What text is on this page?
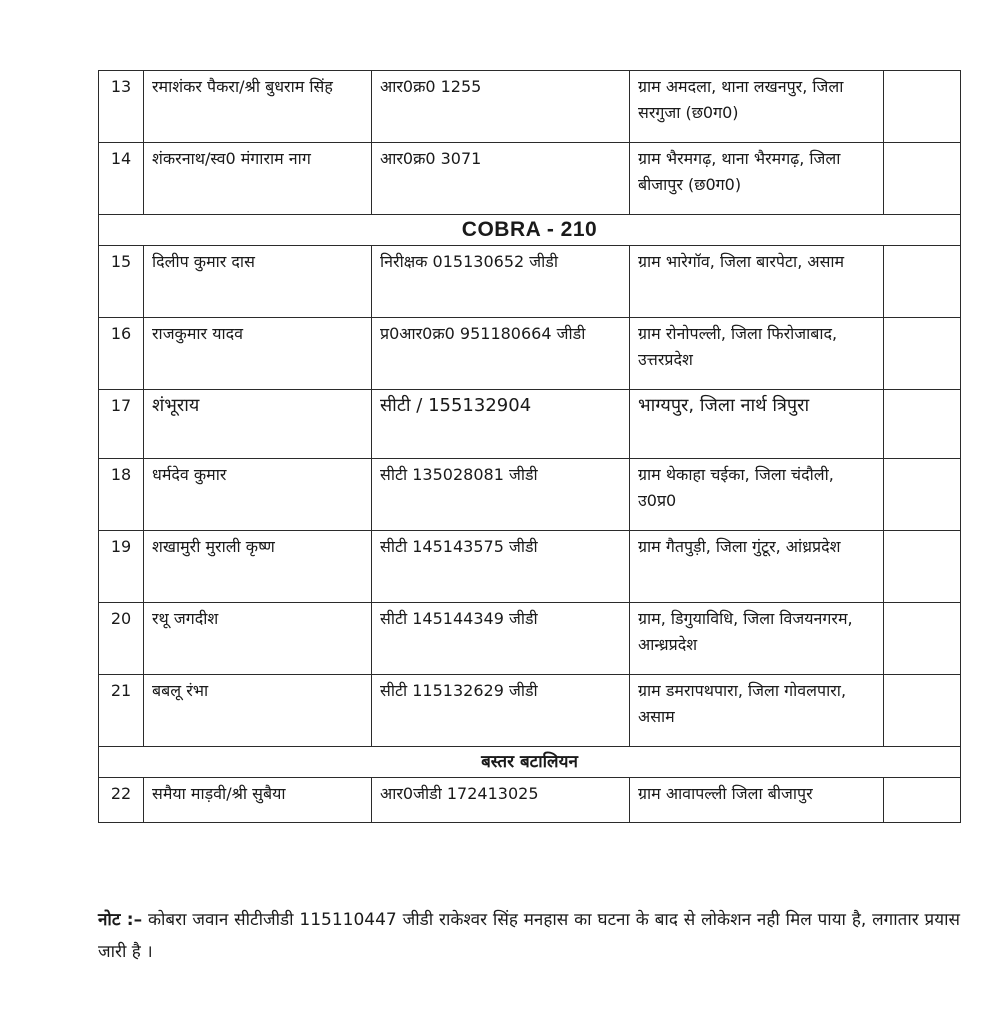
13	रमाशंकर पैकरा/श्री बुधराम सिंह	आर0क्र0 1255	ग्राम अमदला, थाना लखनपुर, जिला सरगुजा (छ0ग0)	
14	शंकरनाथ/स्व0 मंगाराम नाग	आर0क्र0 3071	ग्राम भैरमगढ़, थाना भैरमगढ़, जिला बीजापुर (छ0ग0)	
COBRA - 210				
15	दिलीप कुमार दास	निरीक्षक 015130652 जीडी	ग्राम भारेगॉव, जिला बारपेटा, असाम	
16	राजकुमार यादव	प्र0आर0क्र0 951180664 जीडी	ग्राम रोनोपल्ली, जिला फिरोजाबाद, उत्तरप्रदेश	
17	शंभूराय	सीटी / 155132904	भाग्यपुर, जिला नार्थ त्रिपुरा	
18	धर्मदेव कुमार	सीटी 135028081 जीडी	ग्राम थेकाहा चईका, जिला चंदौली, उ0प्र0	
19	शखामुरी मुराली कृष्ण	सीटी 145143575 जीडी	ग्राम गैतपुड़ी, जिला गुंटूर, आंध्रप्रदेश	
20	रथू जगदीश	सीटी 145144349 जीडी	ग्राम, डिगुयाविधि, जिला विजयनगरम, आन्ध्रप्रदेश	
21	बबलू रंभा	सीटी 115132629 जीडी	ग्राम डमरापथपारा, जिला गोवलपारा, असाम	
बस्तर बटालियन				
22	समैया माड़वी/श्री सुबैया	आर0जीडी 172413025	ग्राम आवापल्ली जिला बीजापुर	
नोट :– कोबरा जवान सीटीजीडी 115110447 जीडी राकेश्वर सिंह मनहास का घटना के बाद से लोकेशन नही मिल पाया है, लगातार प्रयास जारी है ।
